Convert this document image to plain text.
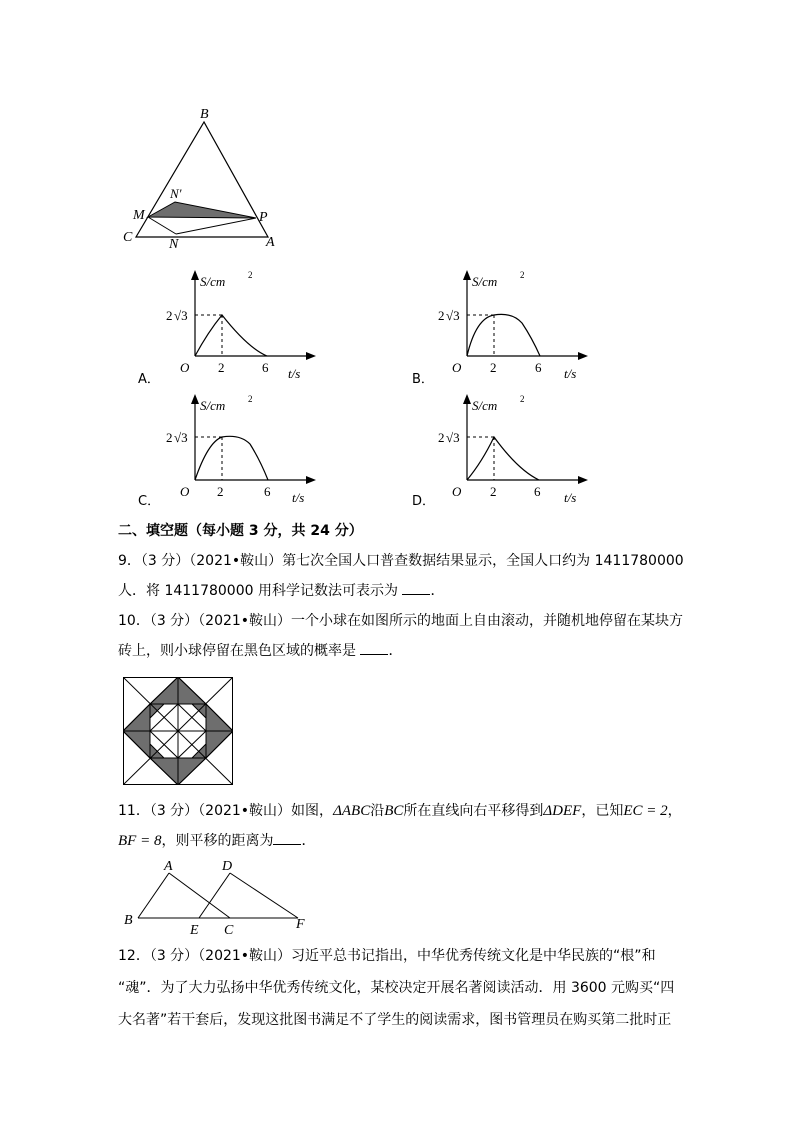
B
N'
M	P
C	N	A
A．
S/cm	2
2 √3
O 2	6 t/s	B．
S/cm	2
2 √3
O 2	6 t/s
C．
S/cm	2
2 √3
O 2	6 t/s	D．
S/cm	2
2 √3
O 2	6 t/s
二、填空题（每小题 3 分，共 24 分）
9．（3 分）（2021•鞍山）第七次全国人口普查数据结果显示，全国人口约为 1411780000
人．将 1411780000 用科学记数法可表示为 ．
10．（3 分）（2021•鞍山）一个小球在如图所示的地面上自由滚动，并随机地停留在某块方
砖上，则小球停留在黑色区域的概率是 ．
11．（3 分）（2021•鞍山）如图，ΔABC沿BC所在直线向右平移得到ΔDEF，已知EC = 2，
BF = 8，则平移的距离为 ．
A	D
B
E C	F
12．（3 分）（2021•鞍山）习近平总书记指出，中华优秀传统文化是中华民族的“根”和
“魂”．为了大力弘扬中华优秀传统文化，某校决定开展名著阅读活动．用 3600 元购买“四
大名著”若干套后，发现这批图书满足不了学生的阅读需求，图书管理员在购买第二批时正
